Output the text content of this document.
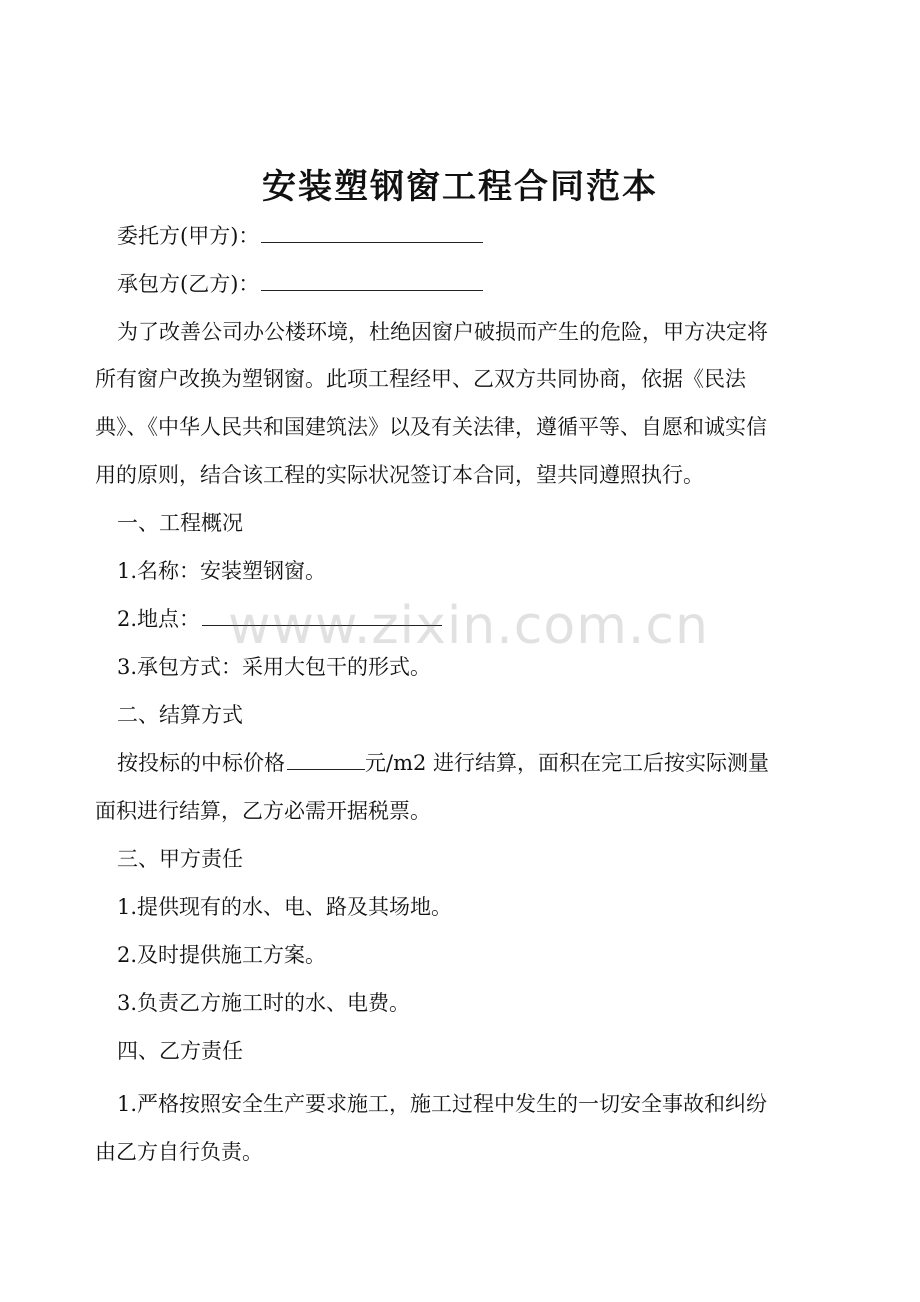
安装塑钢窗工程合同范本
委托方(甲方)：
承包方(乙方)：
为了改善公司办公楼环境，杜绝因窗户破损而产生的危险，甲方决定将
所有窗户改换为塑钢窗。此项工程经甲、乙双方共同协商，依据《民法
典》、《中华人民共和国建筑法》以及有关法律，遵循平等、自愿和诚实信
用的原则，结合该工程的实际状况签订本合同，望共同遵照执行。
一、工程概况
1.名称：安装塑钢窗。
2.地点：
3.承包方式：采用大包干的形式。
二、结算方式
按投标的中标价格	元/m2 进行结算，面积在完工后按实际测量
面积进行结算，乙方必需开据税票。
三、甲方责任
1.提供现有的水、电、路及其场地。
2.及时提供施工方案。
3.负责乙方施工时的水、电费。
四、乙方责任
1.严格按照安全生产要求施工，施工过程中发生的一切安全事故和纠纷
由乙方自行负责。
www.zixin.com.cn
